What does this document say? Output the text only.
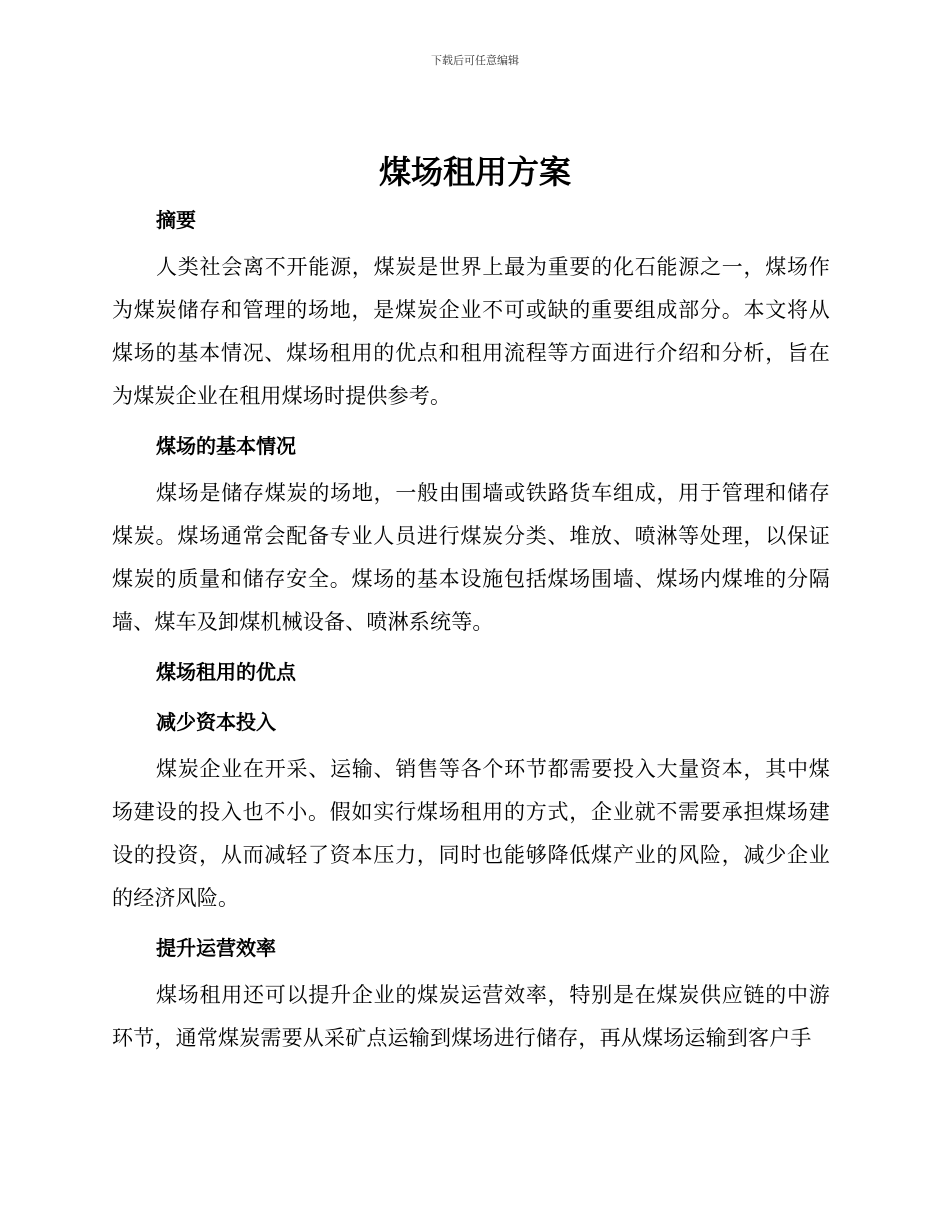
下载后可任意编辑
煤场租用方案
摘要

人类社会离不开能源，煤炭是世界上最为重要的化石能源之一，煤场作为煤炭储存和管理的场地，是煤炭企业不可或缺的重要组成部分。本文将从煤场的基本情况、煤场租用的优点和租用流程等方面进行介绍和分析，旨在为煤炭企业在租用煤场时提供参考。

煤场的基本情况

煤场是储存煤炭的场地，一般由围墙或铁路货车组成，用于管理和储存煤炭。煤场通常会配备专业人员进行煤炭分类、堆放、喷淋等处理，以保证煤炭的质量和储存安全。煤场的基本设施包括煤场围墙、煤场内煤堆的分隔墙、煤车及卸煤机械设备、喷淋系统等。

煤场租用的优点
减少资本投入

煤炭企业在开采、运输、销售等各个环节都需要投入大量资本，其中煤场建设的投入也不小。假如实行煤场租用的方式，企业就不需要承担煤场建设的投资，从而减轻了资本压力，同时也能够降低煤产业的风险，减少企业的经济风险。

提升运营效率

煤场租用还可以提升企业的煤炭运营效率，特别是在煤炭供应链的中游环节，通常煤炭需要从采矿点运输到煤场进行储存，再从煤场运输到客户手
